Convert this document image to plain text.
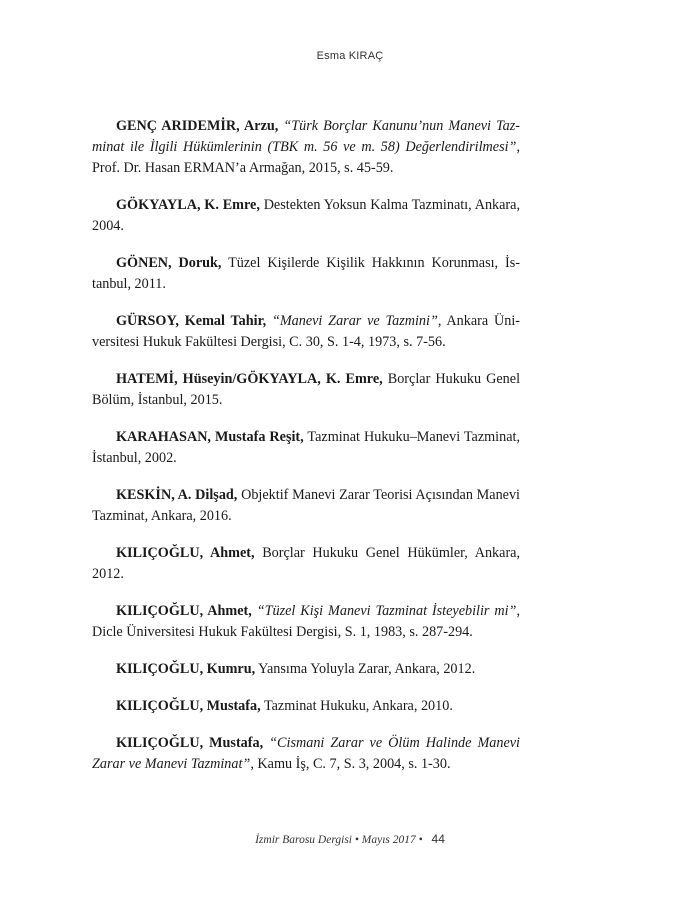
Esma KIRAÇ

GENÇ ARIDEMİR, Arzu, “Türk Borçlar Kanunu’nun Manevi Tazminat ile İlgili Hükümlerinin (TBK m. 56 ve m. 58) Değerlendirilmesi”, Prof. Dr. Hasan ERMAN’a Armağan, 2015, s. 45-59.

GÖKYAYLA, K. Emre, Destekten Yoksun Kalma Tazminatı, Ankara, 2004.

GÖNEN, Doruk, Tüzel Kişilerde Kişilik Hakkının Korunması, İstanbul, 2011.

GÜRSOY, Kemal Tahir, “Manevi Zarar ve Tazmini”, Ankara Üniversitesi Hukuk Fakültesi Dergisi, C. 30, S. 1-4, 1973, s. 7-56.

HATEMİ, Hüseyin/GÖKYAYLA, K. Emre, Borçlar Hukuku Genel Bölüm, İstanbul, 2015.

KARAHASAN, Mustafa Reşit, Tazminat Hukuku–Manevi Tazminat, İstanbul, 2002.

KESKİN, A. Dilşad, Objektif Manevi Zarar Teorisi Açısından Manevi Tazminat, Ankara, 2016.

KILIÇOĞLU, Ahmet, Borçlar Hukuku Genel Hükümler, Ankara, 2012.

KILIÇOĞLU, Ahmet, “Tüzel Kişi Manevi Tazminat İsteyebilir mi”, Dicle Üniversitesi Hukuk Fakültesi Dergisi, S. 1, 1983, s. 287-294.

KILIÇOĞLU, Kumru, Yansıma Yoluyla Zarar, Ankara, 2012.

KILIÇOĞLU, Mustafa, Tazminat Hukuku, Ankara, 2010.

KILIÇOĞLU, Mustafa, “Cismani Zarar ve Ölüm Halinde Manevi Zarar ve Manevi Tazminat”, Kamu İş, C. 7, S. 3, 2004, s. 1-30.

İzmir Barosu Dergisi • Mayıs 2017 • 44
